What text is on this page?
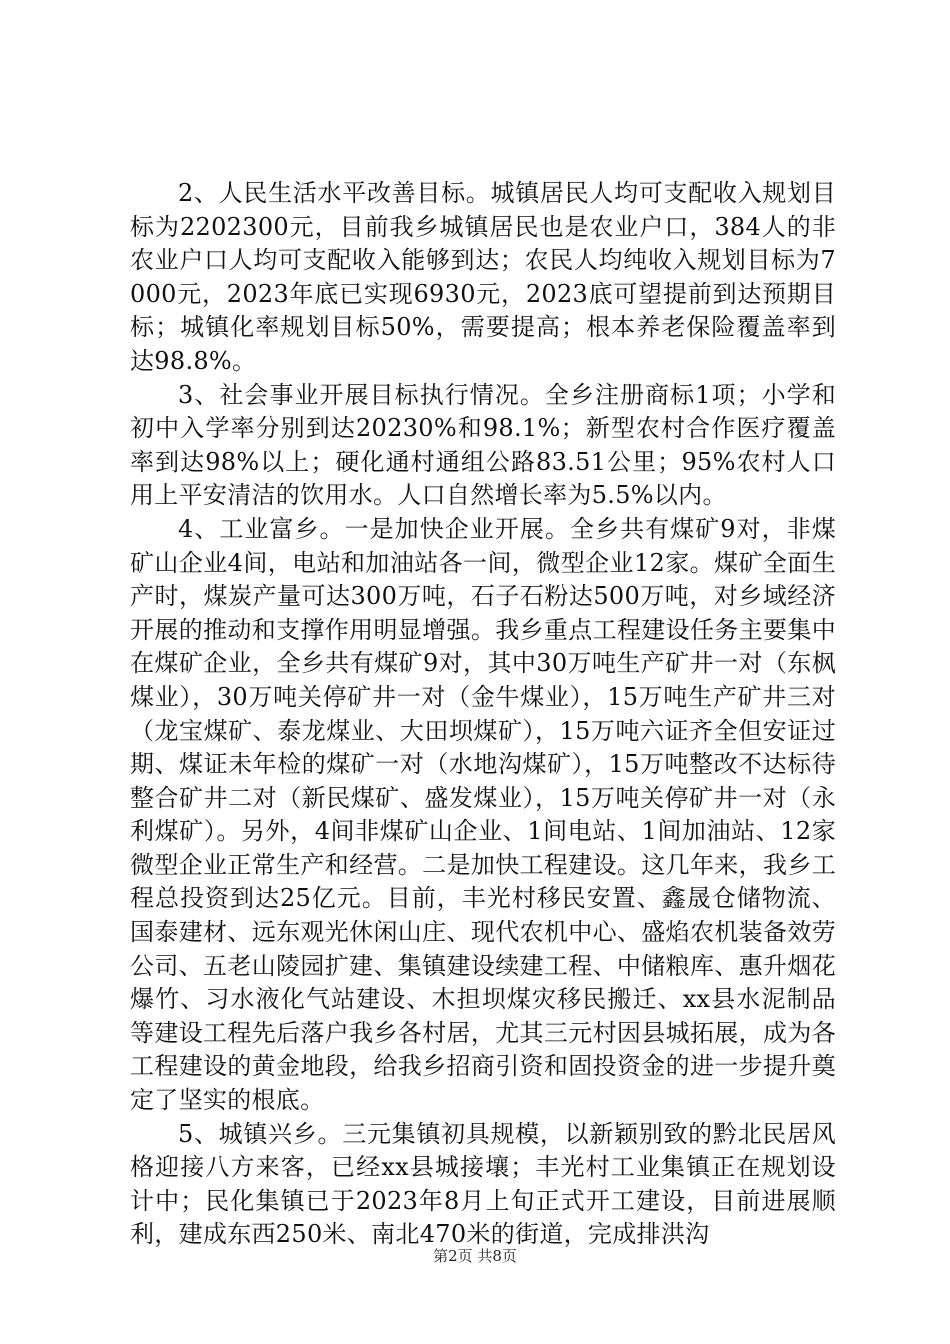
2、人民生活水平改善目标。城镇居民人均可支配收入规划目标为2202300元，目前我乡城镇居民也是农业户口，384人的非农业户口人均可支配收入能够到达；农民人均纯收入规划目标为7000元，2023年底已实现6930元，2023底可望提前到达预期目标；城镇化率规划目标50%，需要提高；根本养老保险覆盖率到达98.8%。

3、社会事业开展目标执行情况。全乡注册商标1项；小学和初中入学率分别到达20230%和98.1%；新型农村合作医疗覆盖率到达98%以上；硬化通村通组公路83.51公里；95%农村人口用上平安清洁的饮用水。人口自然增长率为5.5%以内。

4、工业富乡。一是加快企业开展。全乡共有煤矿9对，非煤矿山企业4间，电站和加油站各一间，微型企业12家。煤矿全面生产时，煤炭产量可达300万吨，石子石粉达500万吨，对乡域经济开展的推动和支撑作用明显增强。我乡重点工程建设任务主要集中在煤矿企业，全乡共有煤矿9对，其中30万吨生产矿井一对（东枫煤业），30万吨关停矿井一对（金牛煤业），15万吨生产矿井三对（龙宝煤矿、泰龙煤业、大田坝煤矿），15万吨六证齐全但安证过期、煤证未年检的煤矿一对（水地沟煤矿），15万吨整改不达标待整合矿井二对（新民煤矿、盛发煤业），15万吨关停矿井一对（永利煤矿）。另外，4间非煤矿山企业、1间电站、1间加油站、12家微型企业正常生产和经营。二是加快工程建设。这几年来，我乡工程总投资到达25亿元。目前，丰光村移民安置、鑫晟仓储物流、国泰建材、远东观光休闲山庄、现代农机中心、盛焰农机装备效劳公司、五老山陵园扩建、集镇建设续建工程、中储粮库、惠升烟花爆竹、习水液化气站建设、木担坝煤灾移民搬迁、xx县水泥制品等建设工程先后落户我乡各村居，尤其三元村因县城拓展，成为各工程建设的黄金地段，给我乡招商引资和固投资金的进一步提升奠定了坚实的根底。

5、城镇兴乡。三元集镇初具规模，以新颖别致的黔北民居风格迎接八方来客，已经xx县城接壤；丰光村工业集镇正在规划设计中；民化集镇已于2023年8月上旬正式开工建设，目前进展顺利，建成东西250米、南北470米的街道，完成排洪沟

第2页 共8页
